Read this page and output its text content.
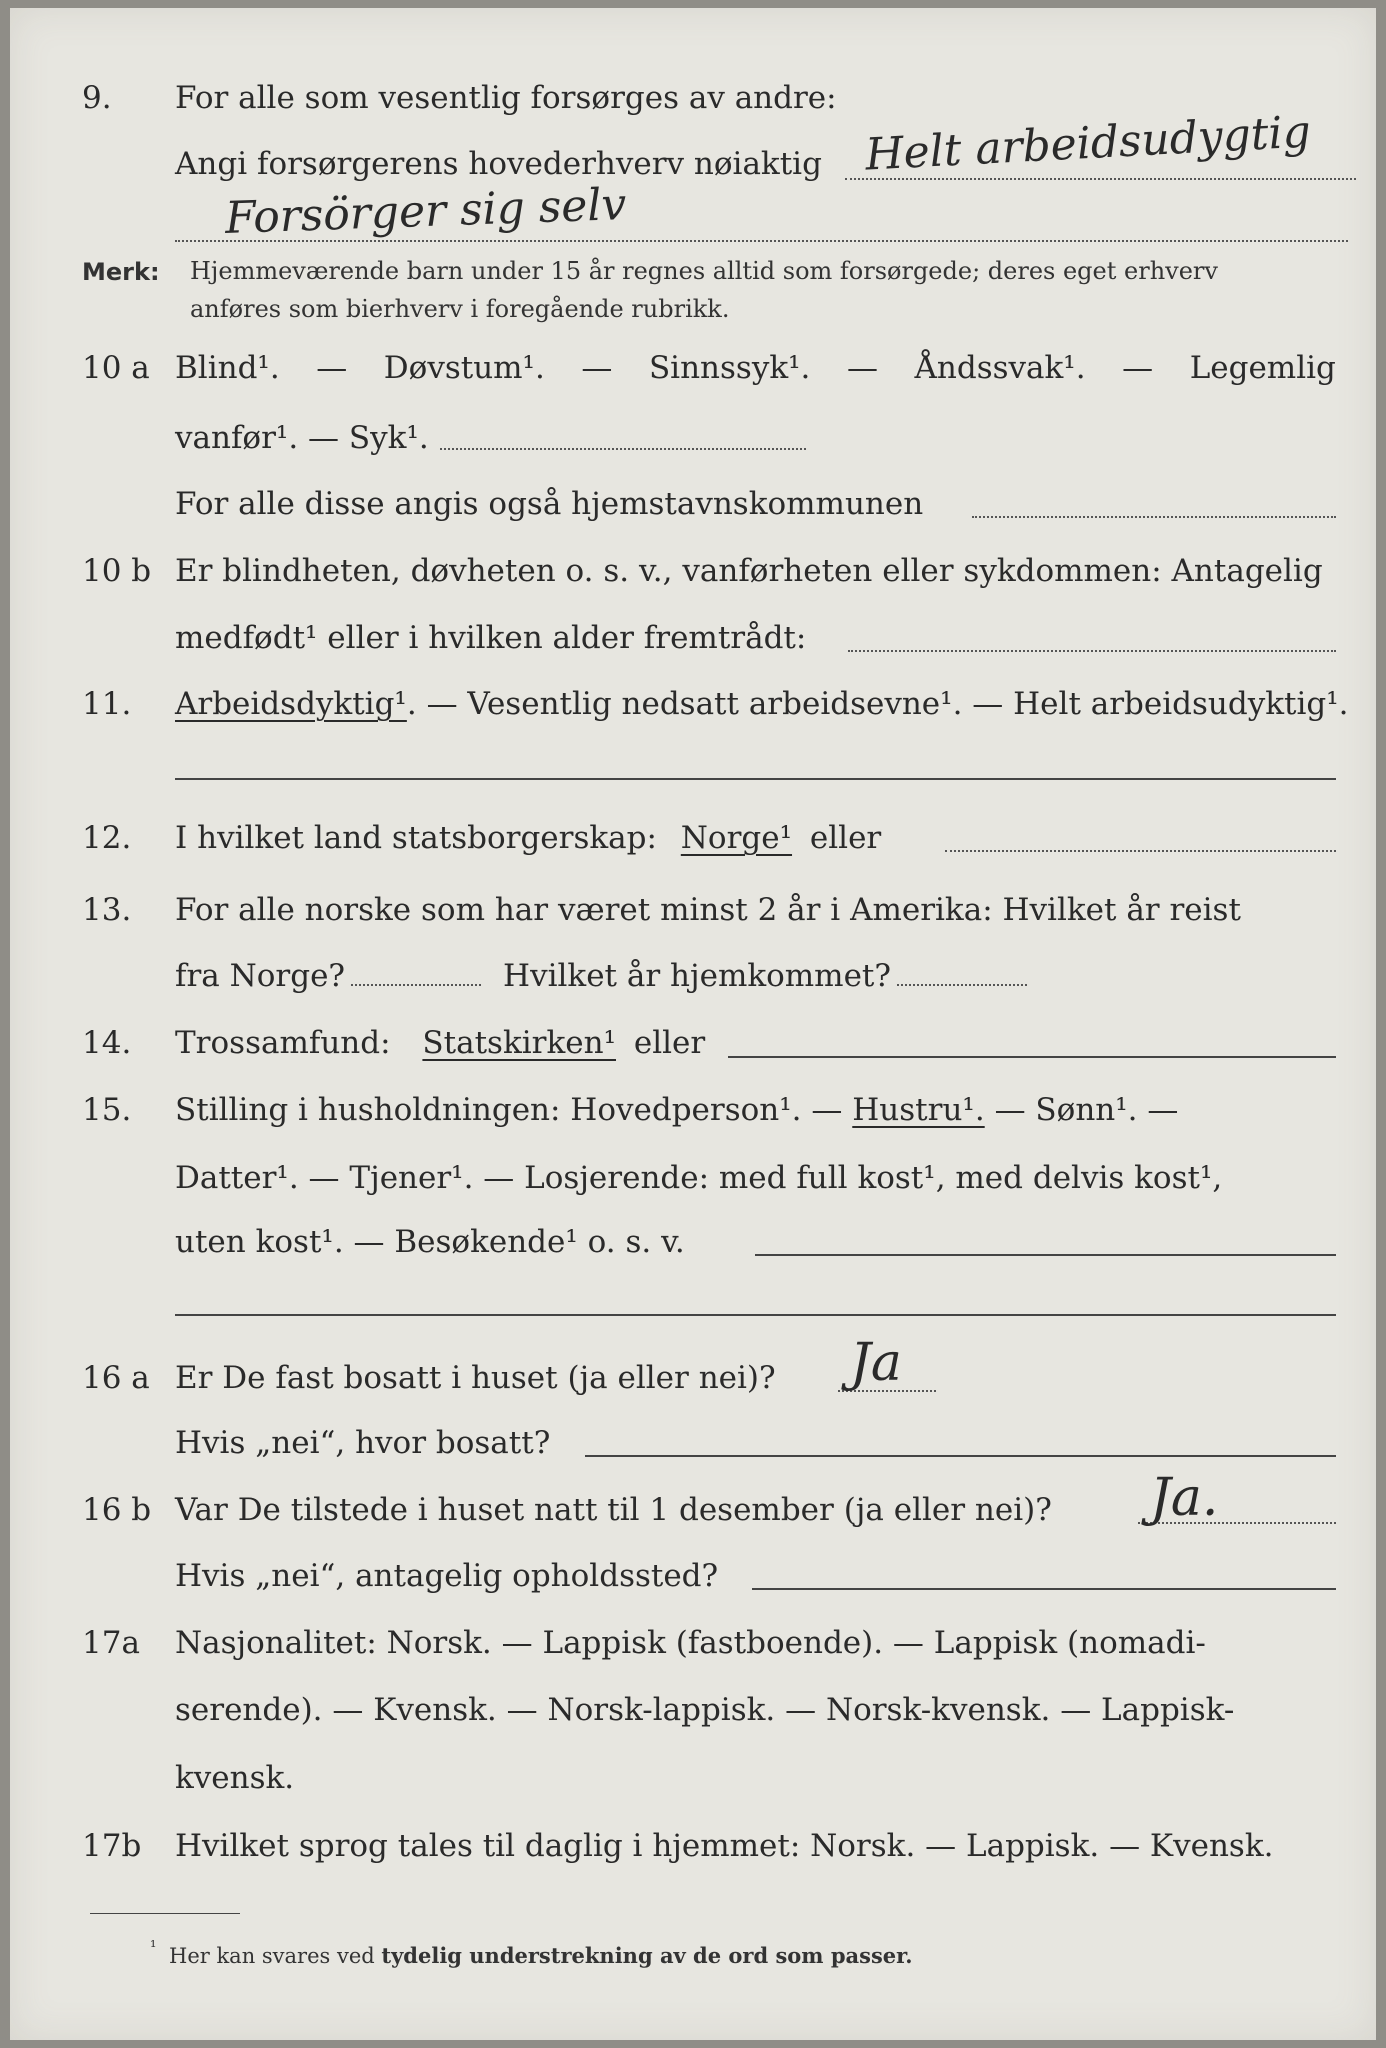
9. For alle som vesentlig forsørges av andre:
Angi forsørgerens hovederhverv nøiaktig Helt arbeidsudygtig
Forsörger sig selv
Merk: Hjemmeværende barn under 15 år regnes alltid som forsørgede; deres eget erhverv
anføres som bierhverv i foregående rubrikk.
10 a Blind¹. — Døvstum¹. — Sinnssyk¹. — Åndssvak¹. — Legemlig
vanfør¹. — Syk¹.
For alle disse angis også hjemstavnskommunen
10 b Er blindheten, døvheten o. s. v., vanførheten eller sykdommen: Antagelig
medfødt¹ eller i hvilken alder fremtrådt:
11. Arbeidsdyktig¹. — Vesentlig nedsatt arbeidsevne¹. — Helt arbeidsudyktig¹.
12. I hvilket land statsborgerskap: Norge¹ eller
13. For alle norske som har været minst 2 år i Amerika: Hvilket år reist
fra Norge?	Hvilket år hjemkommet?
14. Trossamfund: Statskirken¹ eller
15. Stilling i husholdningen: Hovedperson¹. — Hustru¹. — Sønn¹. —
Datter¹. — Tjener¹. — Losjerende: med full kost¹, med delvis kost¹,
uten kost¹. — Besøkende¹ o. s. v.
16 a Er De fast bosatt i huset (ja eller nei)? Ja
Hvis „nei“, hvor bosatt?
16 b Var De tilstede i huset natt til 1 desember (ja eller nei)? Ja.
Hvis „nei“, antagelig opholdssted?
17a Nasjonalitet: Norsk. — Lappisk (fastboende). — Lappisk (nomadi-
serende). — Kvensk. — Norsk-lappisk. — Norsk-kvensk. — Lappisk-
kvensk.
17b Hvilket sprog tales til daglig i hjemmet: Norsk. — Lappisk. — Kvensk.
¹ Her kan svares ved tydelig understrekning av de ord som passer.
